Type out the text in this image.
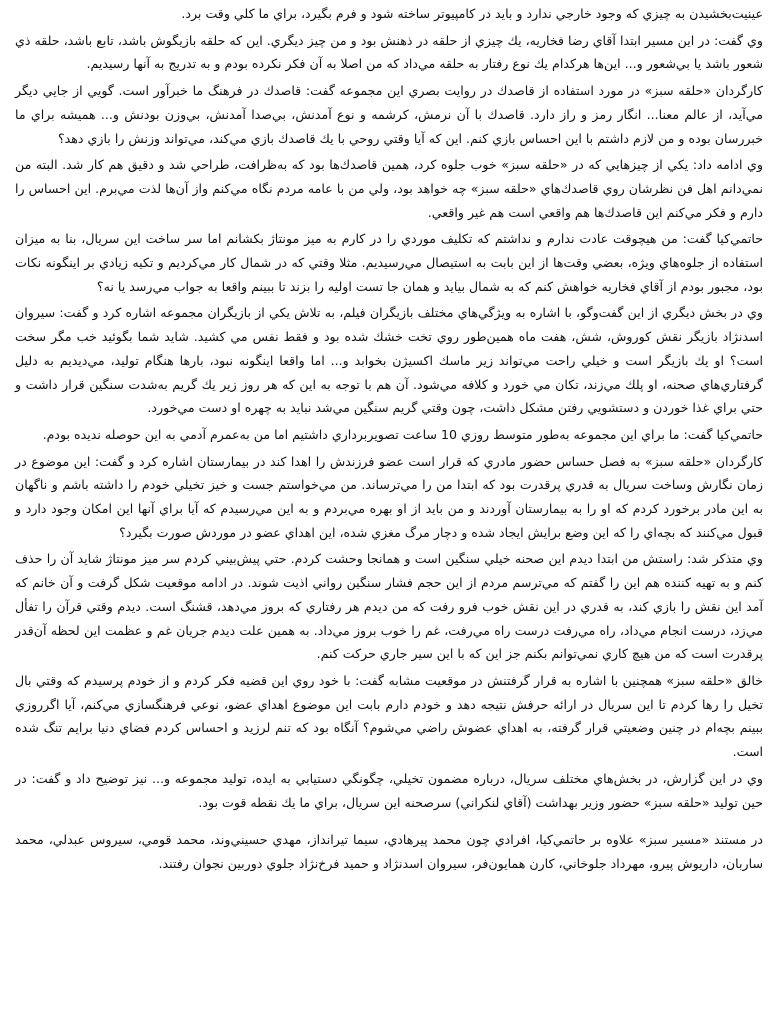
عينيت‌بخشيدن به چيزي كه وجود خارجي ندارد و بايد در كامپيوتر ساخته شود و فرم بگيرد، براي ما كلي وقت برد.

وي گفت: در اين مسير ابتدا آقاي رضا فخاريه، يك چيزي از حلقه در ذهنش بود و من چيز ديگري. اين كه حلقه بازيگوش باشد، تابع باشد، حلقه ذي شعور باشد يا بي‌شعور و... اين‌ها هركدام يك نوع رفتار به حلقه مي‌داد كه من اصلا به آن فكر نكرده بودم و به تدريج به آنها رسيديم.

كارگردان «حلقه سبز» در مورد استفاده از قاصدك در روايت بصري اين مجموعه گفت: قاصدك در فرهنگ ما خبرآور است. گويي از جايي ديگر مي‌آيد، از عالم معنا... انگار رمز و راز دارد. قاصدك با آن نرمش، كرشمه و نوع آمدنش، بي‌صدا آمدنش، بي‌وزن بودنش و... هميشه براي ما خبررسان بوده و من لازم داشتم با اين احساس بازي كنم. اين كه آيا وقتي روحي با يك قاصدك بازي مي‌كند، مي‌تواند وزنش را بازي دهد؟

وي ادامه داد: يكي از چيزهايي كه در «حلقه سبز» خوب جلوه كرد، همين قاصدك‌ها بود كه به‌ظرافت، طراحي شد و دقيق هم كار شد. البته من نمي‌دانم اهل فن نظرشان روي قاصدك‌هاي «حلقه سبز» چه خواهد بود، ولي من با عامه مردم نگاه مي‌كنم واز آن‌ها لذت مي‌برم. اين احساس را دارم و فكر مي‌كنم اين قاصدك‌ها هم واقعي است هم غير واقعي.

حاتمي‌كيا گفت: من هيچوقت عادت ندارم و نداشتم كه تكليف موردي را در كارم به ميز مونتاژ بكشانم اما سر ساخت اين سريال، بنا به ميزان استفاده از جلوه‌هاي ويژه، بعضي وقت‌ها از اين بابت به استيصال مي‌رسيديم. مثلا وقتي كه در شمال كار مي‌كرديم و تكيه زيادي بر اينگونه نكات بود، مجبور بودم از آقاي فخاريه خواهش كنم كه به شمال بيايد و همان جا تست اوليه را بزند تا ببينم واقعا به جواب مي‌رسد يا نه؟

وي در بخش ديگري از اين گفت‌وگو، با اشاره به ويژگي‌هاي مختلف بازيگران فيلم، به تلاش يكي از بازيگران مجموعه اشاره كرد و گفت: سيروان اسدنژاد بازيگر نقش كوروش، شش، هفت ماه همين‌طور روي تخت خشك شده بود و فقط نفس مي كشيد. شايد شما بگوئيد خب مگر سخت است؟ او يك بازيگر است و خيلي راحت مي‌تواند زير ماسك اكسيژن بخوابد و... اما واقعا اينگونه نبود، بارها هنگام توليد، مي‌ديديم به دليل گرفتاري‌هاي صحنه، او پلك مي‌زند، تكان مي خورد و كلافه مي‌شود. آن هم با توجه به اين كه هر روز زير يك گريم به‌شدت سنگين قرار داشت و حتي براي غذا خوردن و دستشويي رفتن مشكل داشت، چون وقتي گريم سنگين مي‌شد نبايد به چهره او دست مي‌خورد.

حاتمي‌كيا گفت: ما براي اين مجموعه به‌طور متوسط روزي 10 ساعت تصويربرداري داشتيم اما من به‌عمرم آدمي به اين حوصله نديده بودم.

كارگردان «حلقه سبز» به فصل حساس حضور مادري كه قرار است عضو فرزندش را اهدا كند در بيمارستان اشاره كرد و گفت: اين موضوع در زمان نگارش وساخت سريال به قدري پرقدرت بود كه ابتدا من را مي‌ترساند. من مي‌خواستم جست و خيز تخيلي خودم را داشته باشم و ناگهان به اين مادر برخورد كردم كه او را به بيمارستان آوردند و من بايد از او بهره مي‌بردم و به اين مي‌رسيدم كه آيا براي آنها اين امكان وجود دارد و قبول مي‌كنند كه بچه‌اي را كه اين وضع برايش ايجاد شده و دچار مرگ مغزي شده، اين اهداي عضو در موردش صورت بگيرد؟

وي متذكر شد: راستش من ابتدا ديدم اين صحنه خيلي سنگين است و همانجا وحشت كردم. حتي پيش‌بيني كردم سر ميز مونتاژ شايد آن را حذف كنم و به تهيه كننده هم اين را گفتم كه مي‌ترسم مردم از اين حجم فشار سنگين رواني اذيت شوند. در ادامه موقعيت شكل گرفت و آن خانم كه آمد اين نقش را بازي كند، به قدري در اين نقش خوب فرو رفت كه من ديدم هر رفتاري كه بروز مي‌دهد، قشنگ است. ديدم وقتي قرآن را تفأل مي‌زد، درست انجام مي‌داد، راه مي‌رفت درست راه مي‌رفت، غم را خوب بروز مي‌داد. به همين علت ديدم جريان غم و عظمت اين لحظه آن‌قدر پرقدرت است كه من هيچ كاري نمي‌توانم بكنم جز اين كه با اين سير جاري حركت كنم.

خالق «حلقه سبز» همچنين با اشاره به قرار گرفتنش در موقعيت مشابه گفت: با خود روي اين قضيه فكر كردم و از خودم پرسيدم كه وقتي بال تخيل را رها كردم تا اين سريال در ارائه حرفش نتيجه دهد و خودم دارم بابت اين موضوع اهداي عضو، نوعي فرهنگسازي مي‌كنم، آيا اگرروزي ببينم بچه‌ام در چنين وضعيتي قرار گرفته، به اهداي عضوش راضي مي‌شوم؟ آنگاه بود كه تنم لرزيد و احساس كردم فضاي دنيا برايم تنگ شده است.

وي در اين گزارش، در بخش‌هاي مختلف سريال، درباره مضمون تخيلي، چگونگي دستيابي به ايده، توليد مجموعه و... نيز توضيح داد و گفت: در حين توليد «حلقه سبز» حضور وزير بهداشت (آقاي لنكراني) سرصحنه اين سريال، براي ما يك نقطه قوت بود.

در مستند «مسير سبز» علاوه بر حاتمي‌كيا، افرادي چون محمد پيرهادي، سيما تيرانداز، مهدي حسيني‌وند، محمد قومي، سيروس عبدلي، محمد ساربان، داريوش پيرو، مهرداد جلوخاني، كارن همايون‌فر، سيروان اسدنژاد و حميد فرخ‌نژاد جلوي دوربين نجوان رفتند.
